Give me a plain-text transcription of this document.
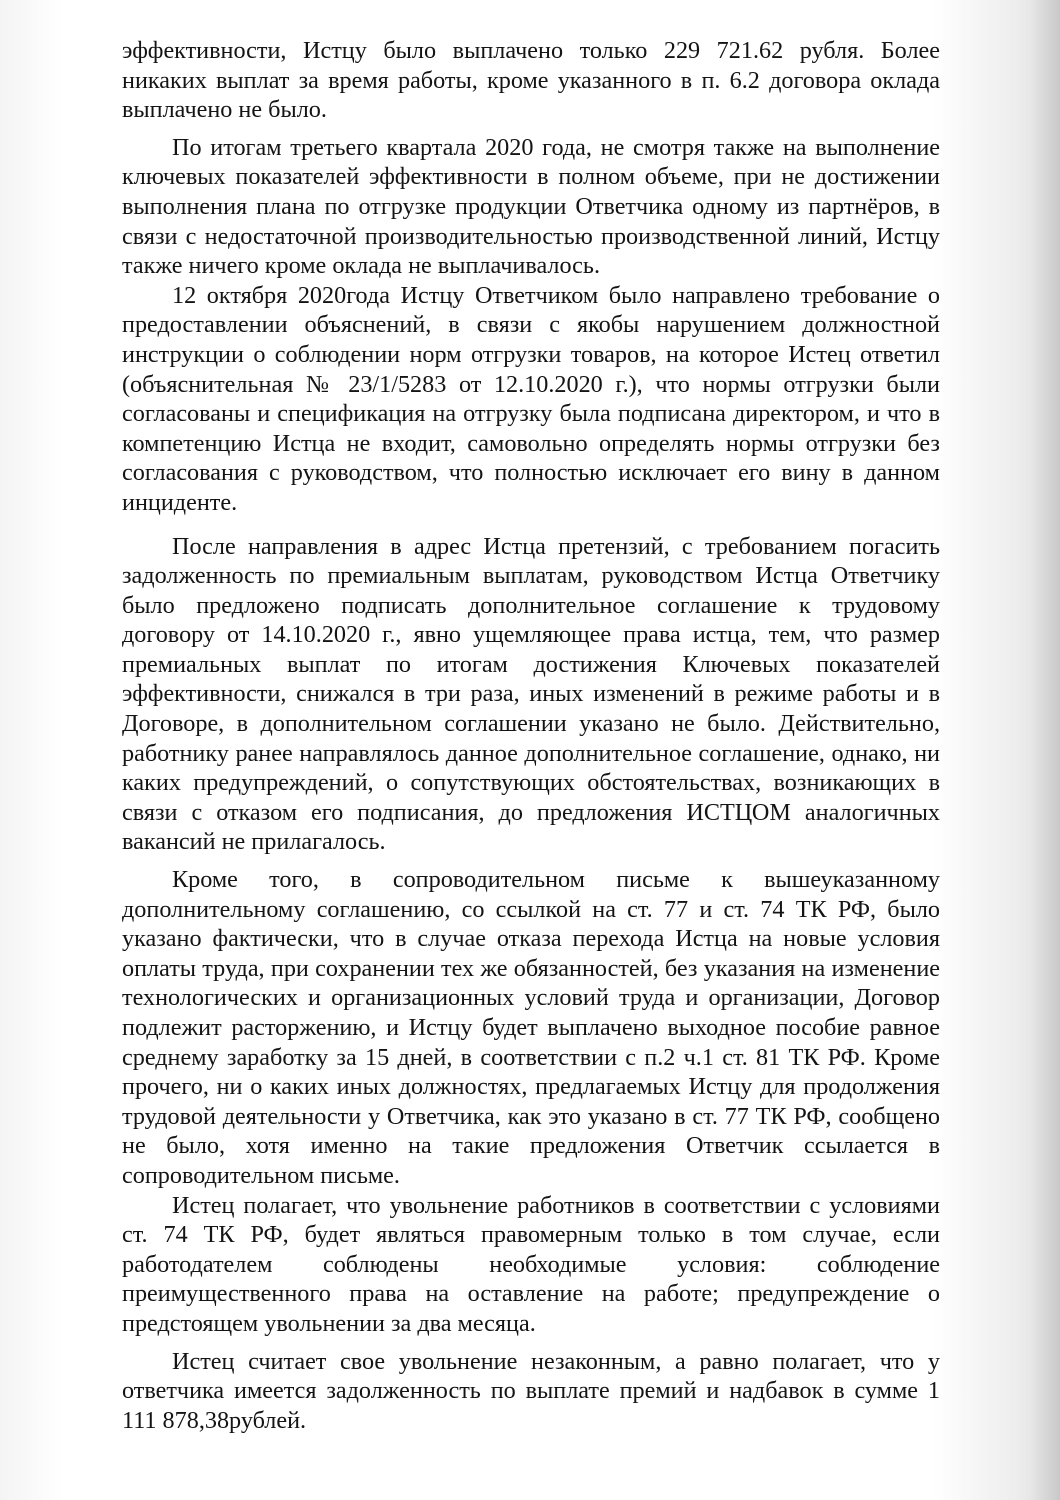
эффективности, Истцу было выплачено только 229 721.62 рубля. Более никаких выплат за время работы, кроме указанного в п. 6.2 договора оклада выплачено не было.

По итогам третьего квартала 2020 года, не смотря также на выполнение ключевых показателей эффективности в полном объеме, при не достижении выполнения плана по отгрузке продукции Ответчика одному из партнёров, в связи с недостаточной производительностью производственной линий, Истцу также ничего кроме оклада не выплачивалось.

12 октября 2020года Истцу Ответчиком было направлено требование о предоставлении объяснений, в связи с якобы нарушением должностной инструкции о соблюдении норм отгрузки товаров, на которое Истец ответил (объяснительная № 23/1/5283 от 12.10.2020 г.), что нормы отгрузки были согласованы и спецификация на отгрузку была подписана директором, и что в компетенцию Истца не входит, самовольно определять нормы отгрузки без согласования с руководством, что полностью исключает его вину в данном инциденте.

После направления в адрес Истца претензий, с требованием погасить задолженность по премиальным выплатам, руководством Истца Ответчику было предложено подписать дополнительное соглашение к трудовому договору от 14.10.2020 г., явно ущемляющее права истца, тем, что размер премиальных выплат по итогам достижения Ключевых показателей эффективности, снижался в три раза, иных изменений в режиме работы и в Договоре, в дополнительном соглашении указано не было. Действительно, работнику ранее направлялось данное дополнительное соглашение, однако, ни каких предупреждений, о сопутствующих обстоятельствах, возникающих в связи с отказом его подписания, до предложения ИСТЦОМ аналогичных вакансий не прилагалось.

Кроме того, в сопроводительном письме к вышеуказанному дополнительному соглашению, со ссылкой на ст. 77 и ст. 74 ТК РФ, было указано фактически, что в случае отказа перехода Истца на новые условия оплаты труда, при сохранении тех же обязанностей, без указания на изменение технологических и организационных условий труда и организации, Договор подлежит расторжению, и Истцу будет выплачено выходное пособие равное среднему заработку за 15 дней, в соответствии с п.2 ч.1 ст. 81 ТК РФ. Кроме прочего, ни о каких иных должностях, предлагаемых Истцу для продолжения трудовой деятельности у Ответчика, как это указано в ст. 77 ТК РФ, сообщено не было, хотя именно на такие предложения Ответчик ссылается в сопроводительном письме.

Истец полагает, что увольнение работников в соответствии с условиями ст. 74 ТК РФ, будет являться правомерным только в том случае, если работодателем соблюдены необходимые условия: соблюдение преимущественного права на оставление на работе; предупреждение о предстоящем увольнении за два месяца.

Истец считает свое увольнение незаконным, а равно полагает, что у ответчика имеется задолженность по выплате премий и надбавок в сумме 1 111 878,38рублей.
